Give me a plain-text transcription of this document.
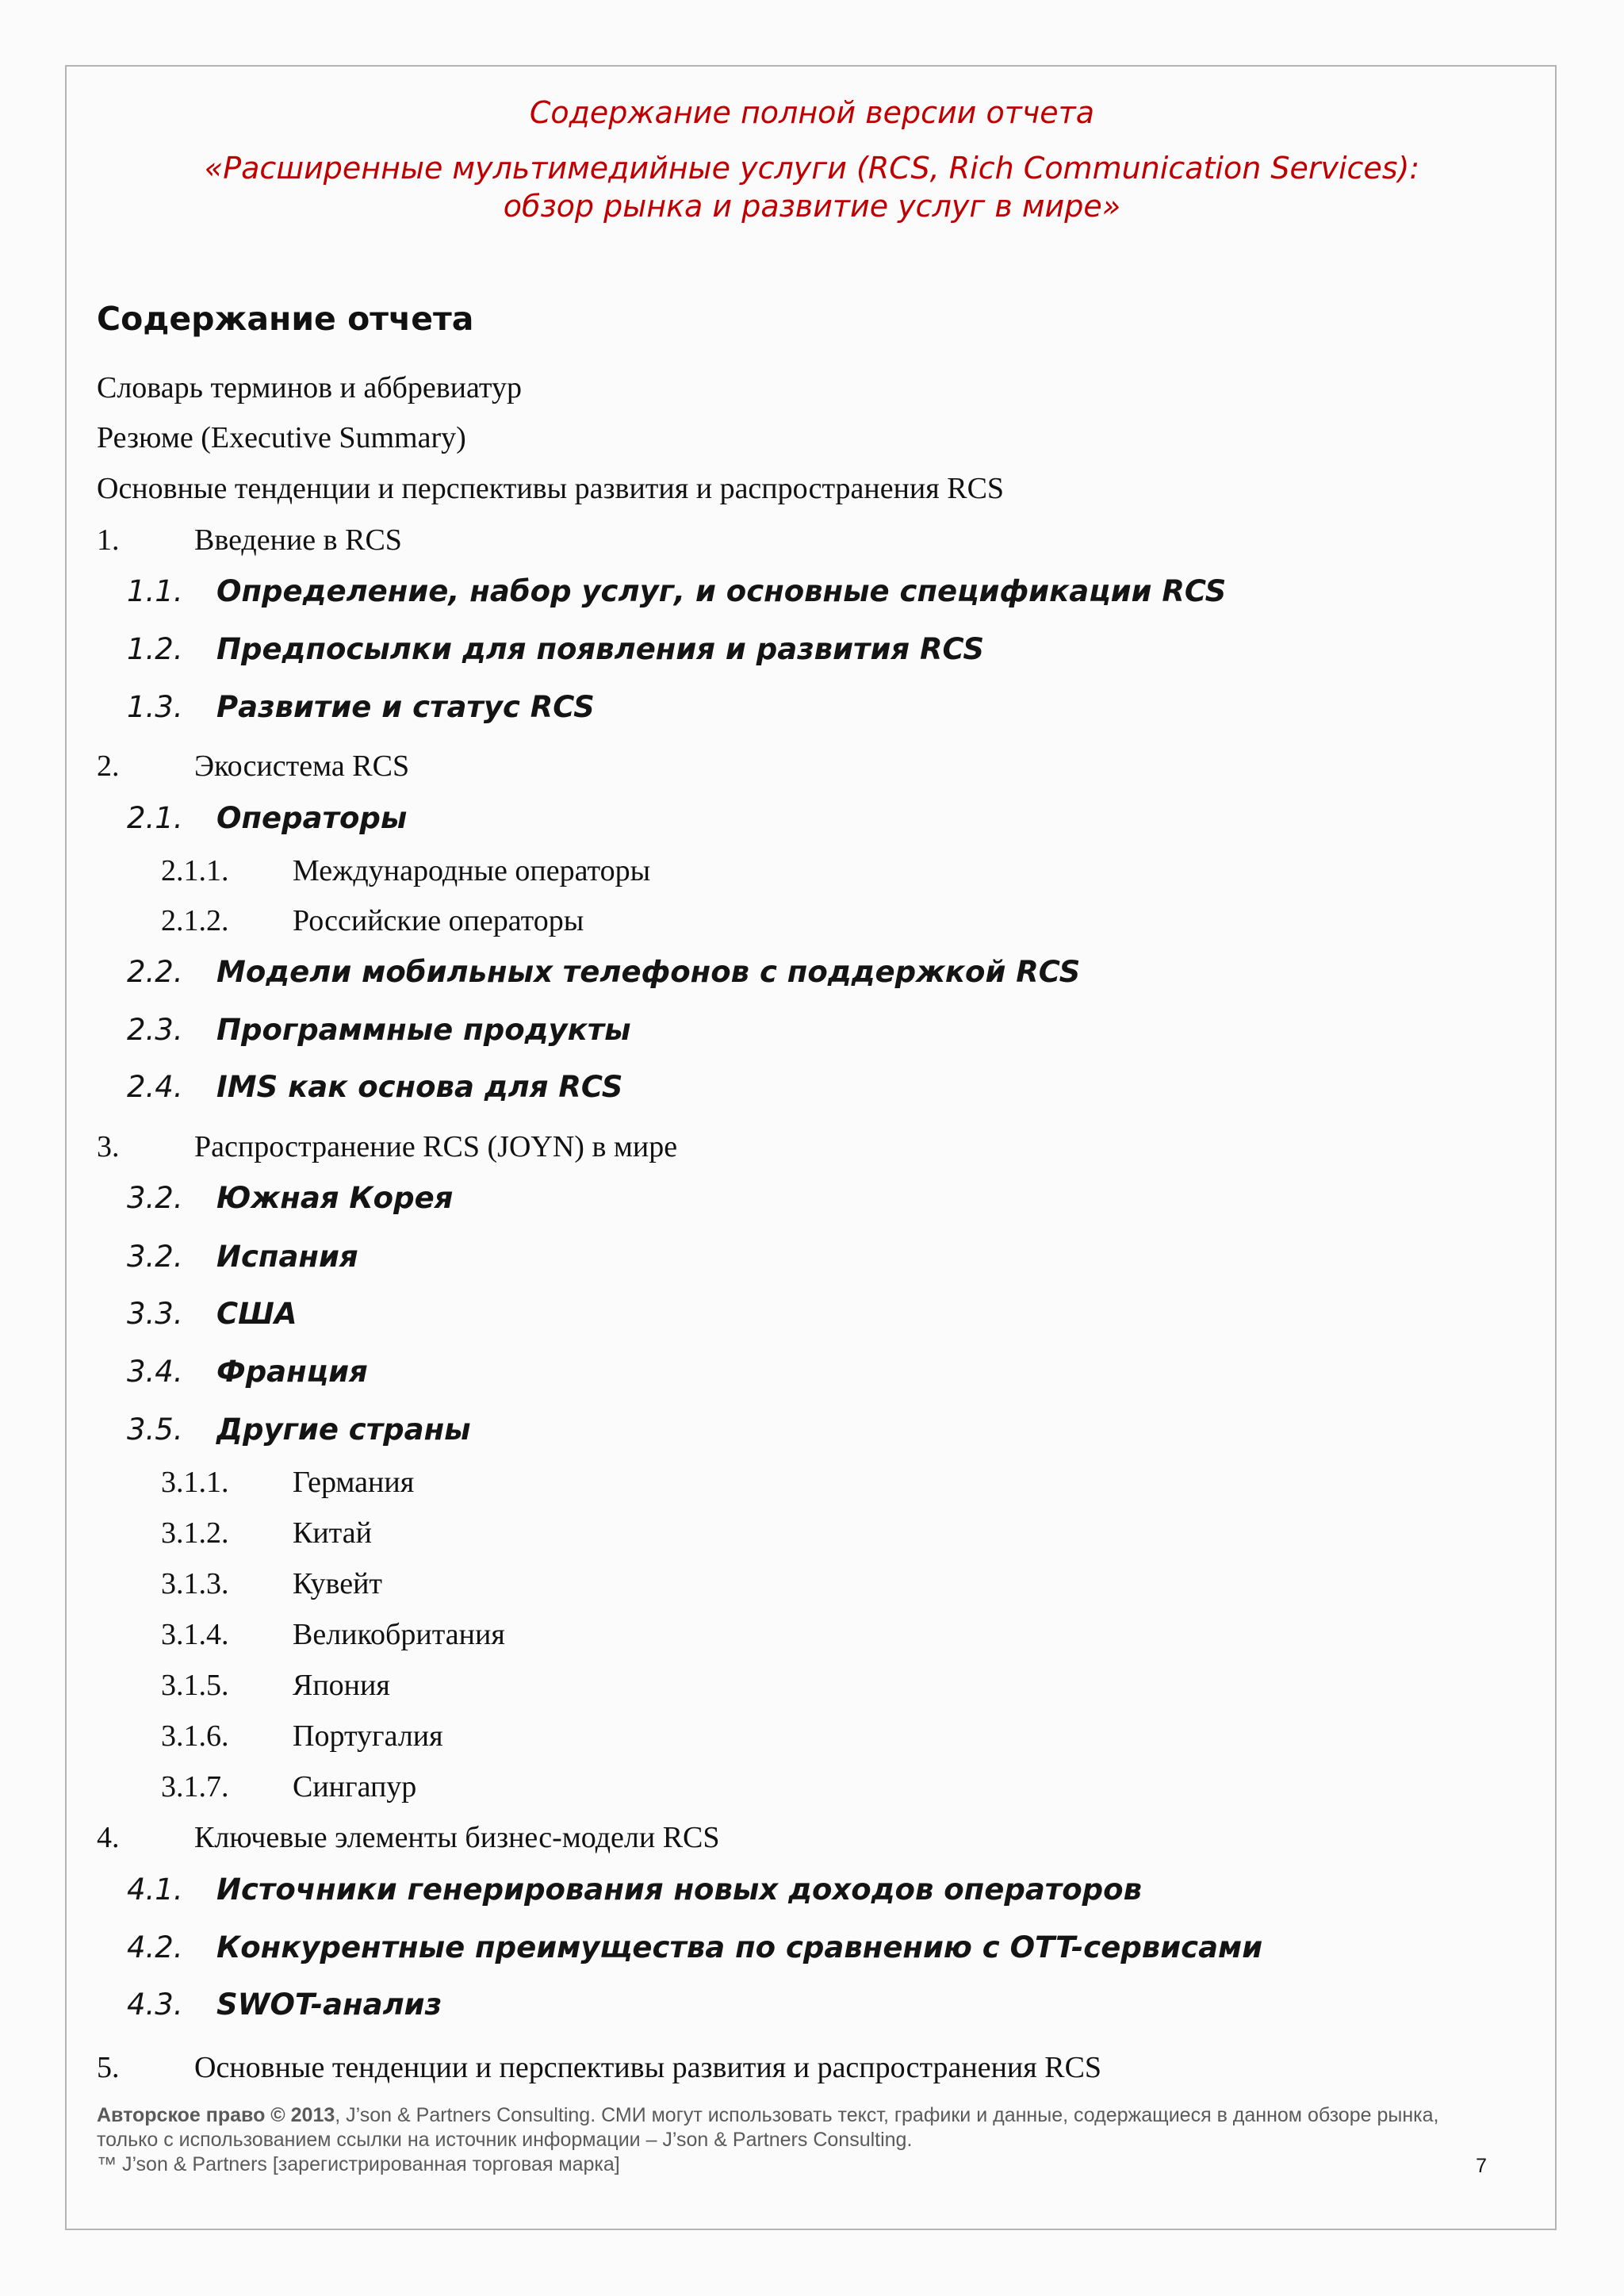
Содержание полной версии отчета
«Расширенные мультимедийные услуги (RCS, Rich Communication Services):
обзор рынка и развитие услуг в мире»
Содержание отчета
Словарь терминов и аббревиатур
Резюме (Executive Summary)
Основные тенденции и перспективы развития и распространения RCS
1. Введение в RCS
1.1. Определение, набор услуг, и основные спецификации RCS
1.2. Предпосылки для появления и развития RCS
1.3. Развитие и статус RCS
2. Экосистема RCS
2.1. Операторы
2.1.1. Международные операторы
2.1.2. Российские операторы
2.2. Модели мобильных телефонов с поддержкой RCS
2.3. Программные продукты
2.4. IMS как основа для RCS
3. Распространение RCS (JOYN) в мире
3.2. Южная Корея
3.2. Испания
3.3. США
3.4. Франция
3.5. Другие страны
3.1.1. Германия
3.1.2. Китай
3.1.3. Кувейт
3.1.4. Великобритания
3.1.5. Япония
3.1.6. Португалия
3.1.7. Сингапур
4. Ключевые элементы бизнес-модели RCS
4.1. Источники генерирования новых доходов операторов
4.2. Конкурентные преимущества по сравнению с OTT-сервисами
4.3. SWOT-анализ
5. Основные тенденции и перспективы развития и распространения RCS
Авторское право © 2013, J’son & Partners Consulting. СМИ могут использовать текст, графики и данные, содержащиеся в данном обзоре рынка, только с использованием ссылки на источник информации – J’son & Partners Consulting.
™ J’son & Partners [зарегистрированная торговая марка]	7
